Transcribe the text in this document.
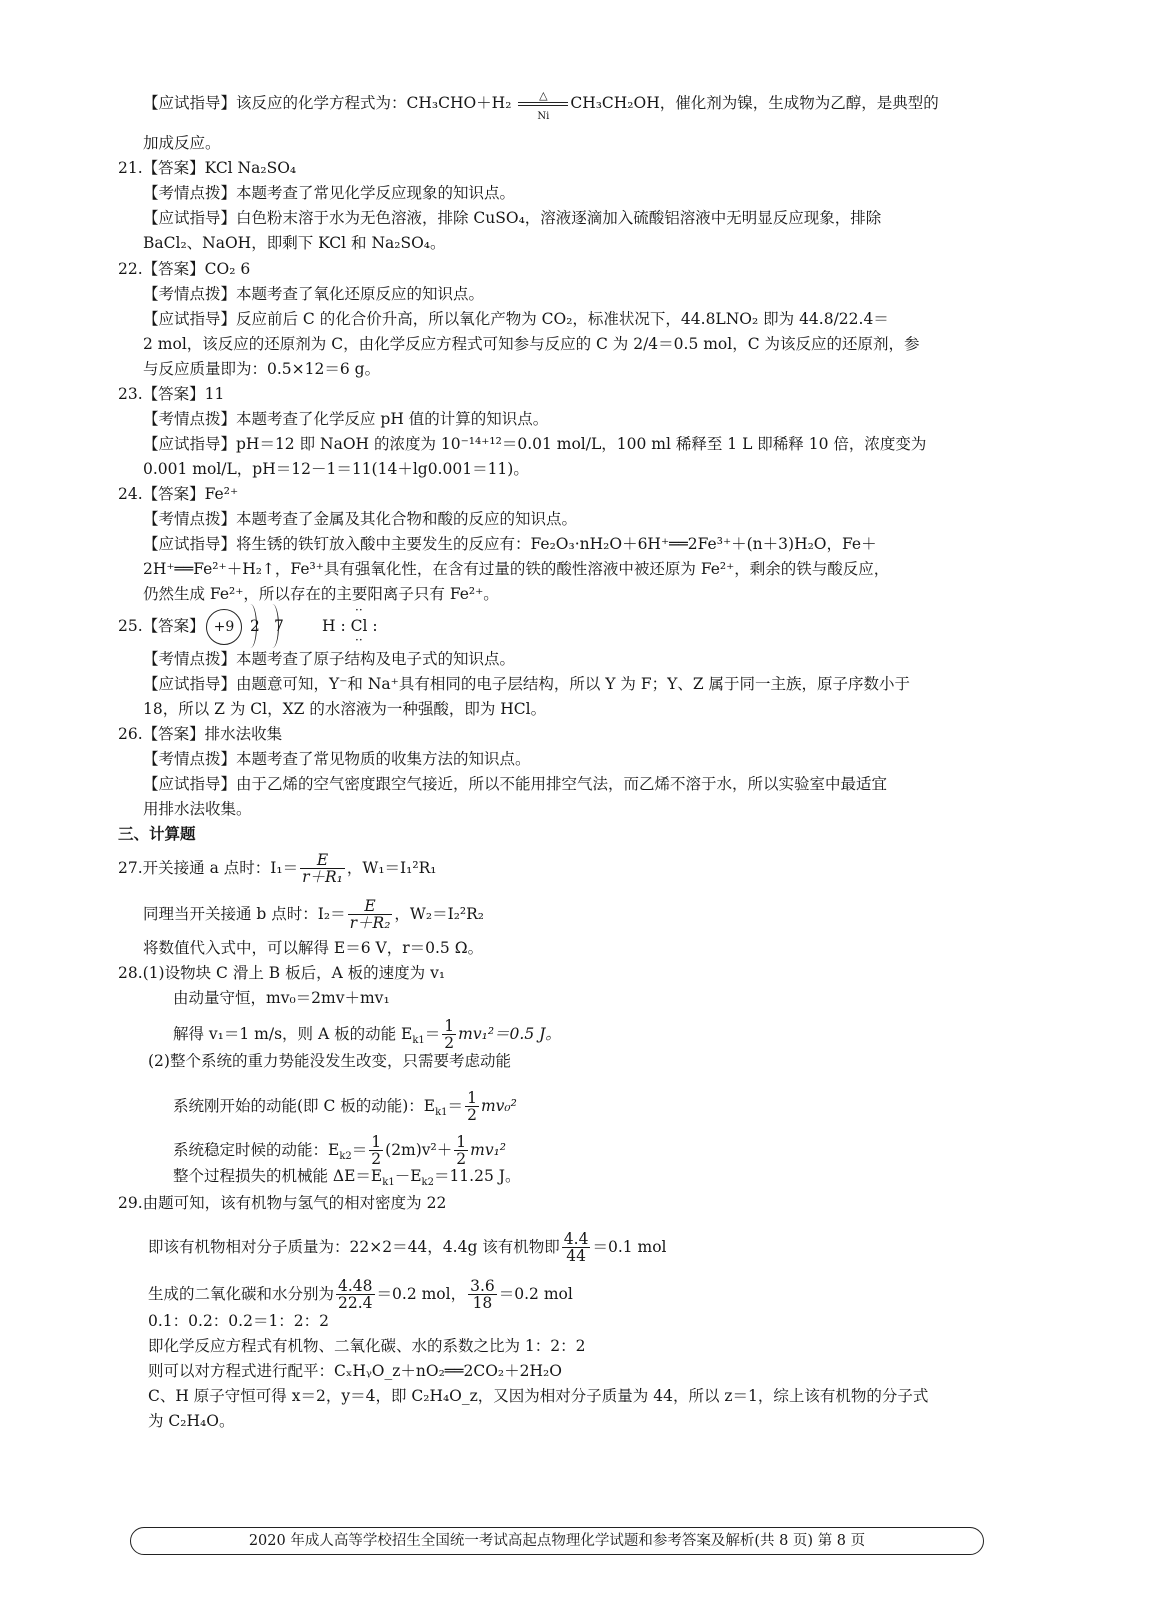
【应试指导】该反应的化学方程式为：CH₃CHO＋H₂	△
Ni
CH₃CH₂OH，催化剂为镍，生成物为乙醇，是典型的
加成反应。
21.【答案】KCl Na₂SO₄
【考情点拨】本题考查了常见化学反应现象的知识点。
【应试指导】白色粉末溶于水为无色溶液，排除 CuSO₄，溶液逐滴加入硫酸铝溶液中无明显反应现象，排除
BaCl₂、NaOH，即剩下 KCl 和 Na₂SO₄。
22.【答案】CO₂ 6
【考情点拨】本题考查了氧化还原反应的知识点。
【应试指导】反应前后 C 的化合价升高，所以氧化产物为 CO₂，标准状况下，44.8LNO₂ 即为 44.8/22.4＝
2 mol，该反应的还原剂为 C，由化学反应方程式可知参与反应的 C 为 2/4＝0.5 mol，C 为该反应的还原剂，参
与反应质量即为：0.5×12＝6 g。
23.【答案】11
【考情点拨】本题考查了化学反应 pH 值的计算的知识点。
【应试指导】pH＝12 即 NaOH 的浓度为 10⁻¹⁴⁺¹²＝0.01 mol/L，100 ml 稀释至 1 L 即稀释 10 倍，浓度变为
0.001 mol/L，pH＝12－1＝11(14＋lg0.001＝11)。
24.【答案】Fe²⁺
【考情点拨】本题考查了金属及其化合物和酸的反应的知识点。
【应试指导】将生锈的铁钉放入酸中主要发生的反应有：Fe₂O₃·nH₂O＋6H⁺══2Fe³⁺＋(n＋3)H₂O，Fe＋
2H⁺══Fe²⁺＋H₂↑，Fe³⁺具有强氧化性，在含有过量的铁的酸性溶液中被还原为 Fe²⁺，剩余的铁与酸反应，
仍然生成 Fe²⁺，所以存在的主要阳离子只有 Fe²⁺。
25.【答案】 +9	2 7 H : Cl :
··
··
【考情点拨】本题考查了原子结构及电子式的知识点。
【应试指导】由题意可知，Y⁻和 Na⁺具有相同的电子层结构，所以 Y 为 F；Y、Z 属于同一主族，原子序数小于
18，所以 Z 为 Cl，XZ 的水溶液为一种强酸，即为 HCl。
26.【答案】排水法收集
【考情点拨】本题考查了常见物质的收集方法的知识点。
【应试指导】由于乙烯的空气密度跟空气接近，所以不能用排空气法，而乙烯不溶于水，所以实验室中最适宜
用排水法收集。
三、计算题
27.开关接通 a 点时：$I_1= \frac{E}{\text{r＋R₁}}$ ，W₁＝I₁²R₁
同理当开关接通 b 点时：$I_2= \frac{E}{\text{r＋R₂}}$ ，W₂＝I₂²R₂
将数值代入式中，可以解得 E＝6 V，r＝0.5 Ω。
28.(1)设物块 C 滑上 B 板后，A 板的速度为 v₁
由动量守恒，mv₀＝2mv＋mv₁
解得 v₁＝1 m/s，则 A 板的动能 $E_{k1}= \frac{1}{2} mv_1^2=0.5$ J。
(2)整个系统的重力势能没发生改变，只需要考虑动能
系统刚开始的动能(即 C 板的动能)：$E_{k1}= \frac{1}{2} mv_0^2$
系统稳定时候的动能：$E_{k2}= \frac{1}{2} (2m)v^2+ \frac{1}{2} mv_1^2$
整个过程损失的机械能 $\Delta E=E_{k1}-E_{k2}=11.25$ J。
29.由题可知，该有机物与氢气的相对密度为 22
即该有机物相对分子质量为：22×2＝44，4.4g 该有机物即 $\frac{4.4}{44} =0.1$ mol
生成的二氧化碳和水分别为 $\frac{4.48}{22.4} =0.2$ mol， $\frac{3.6}{18} =0.2$ mol
0.1：0.2：0.2＝1：2：2
即化学反应方程式有机物、二氧化碳、水的系数之比为 1：2：2
则可以对方程式进行配平：CₓHᵧO_z＋nO₂══2CO₂＋2H₂O
C、H 原子守恒可得 x＝2，y＝4，即 C₂H₄O_z，又因为相对分子质量为 44，所以 z＝1，综上该有机物的分子式
为 C₂H₄O。
2020 年成人高等学校招生全国统一考试高起点物理化学试题和参考答案及解析(共 8 页) 第 8 页
